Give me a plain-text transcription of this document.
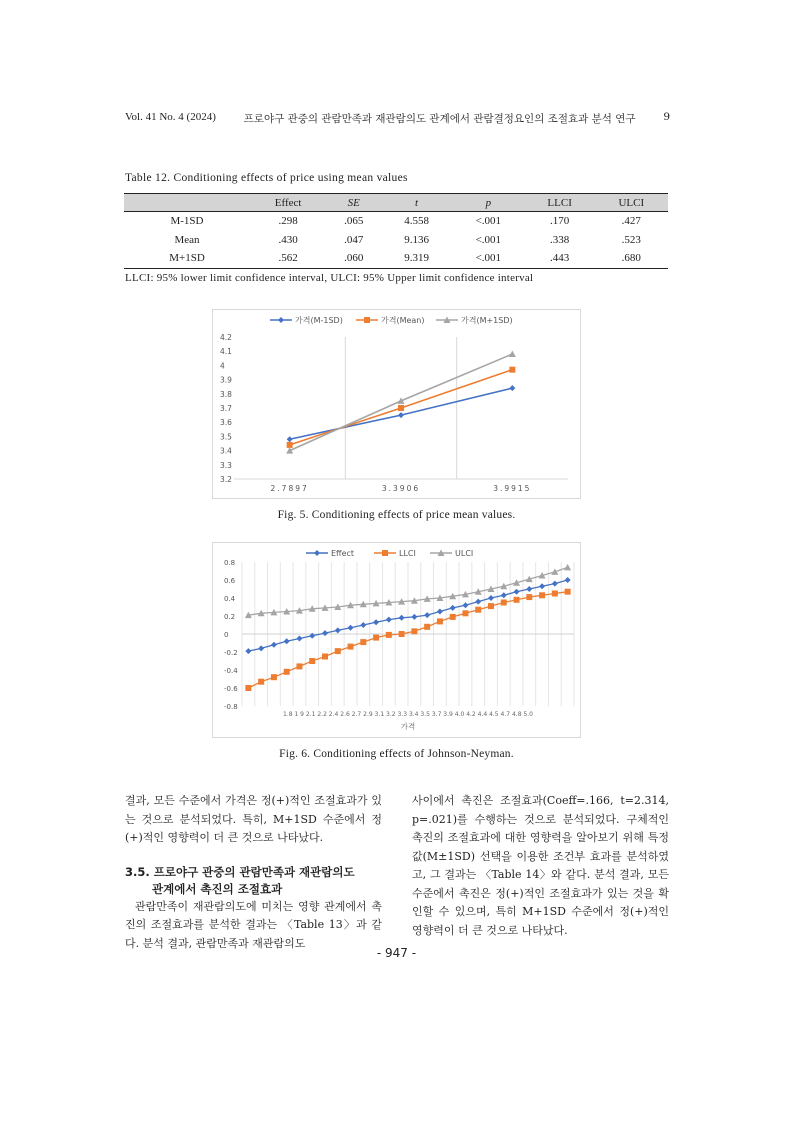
Vol. 41 No. 4 (2024)	프로야구 관중의 관람만족과 재관람의도 관계에서 관람결정요인의 조절효과 분석 연구	9
Table 12. Conditioning effects of price using mean values
	Effect	SE	t	p	LLCI	ULCI
M-1SD	.298	.065	4.558	<.001	.170	.427
Mean	.430	.047	9.136	<.001	.338	.523
M+1SD	.562	.060	9.319	<.001	.443	.680
LLCI: 95% lower limit confidence interval, ULCI: 95% Upper limit confidence interval
3.2
3.3
3.4
3.5
3.6
3.7
3.8
3.9
4
4.1
4.2
2.7897	3.3906	3.9915
가격(M-1SD)	가격(Mean)	가격(M+1SD)
Fig. 5. Conditioning effects of price mean values.
-0.8
-0.6
-0.4
-0.2
0
0.2
0.4
0.6
0.8
1.8 1 9 2.1 2.2 2.4 2.6 2.7 2.9 3.1 3.2 3.3 3.4 3.5 3.7 3.9 4.0 4.2 4.4 4.5 4.7 4.8 5.0
가격
Effect	LLCI	ULCI
Fig. 6. Conditioning effects of Johnson-Neyman.

결과, 모든 수준에서 가격은 정(+)적인 조절효과가 있는 것으로 분석되었다. 특히, M+1SD 수준에서 정(+)적인 영향력이 더 큰 것으로 나타났다.

3.5. 프로야구 관중의 관람만족과 재관람의도
관계에서 촉진의 조절효과

관람만족이 재관람의도에 미치는 영향 관계에서 촉진의 조절효과를 분석한 결과는 〈Table 13〉과 같다. 분석 결과, 관람만족과 재관람의도

사이에서 촉진은 조절효과(Coeff=.166, t=2.314, p=.021)를 수행하는 것으로 분석되었다. 구체적인 촉진의 조절효과에 대한 영향력을 알아보기 위해 특정 값(M±1SD) 선택을 이용한 조건부 효과를 분석하였고, 그 결과는 〈Table 14〉와 같다. 분석 결과, 모든 수준에서 촉진은 정(+)적인 조절효과가 있는 것을 확인할 수 있으며, 특히 M+1SD 수준에서 정(+)적인 영향력이 더 큰 것으로 나타났다.

- 947 -
